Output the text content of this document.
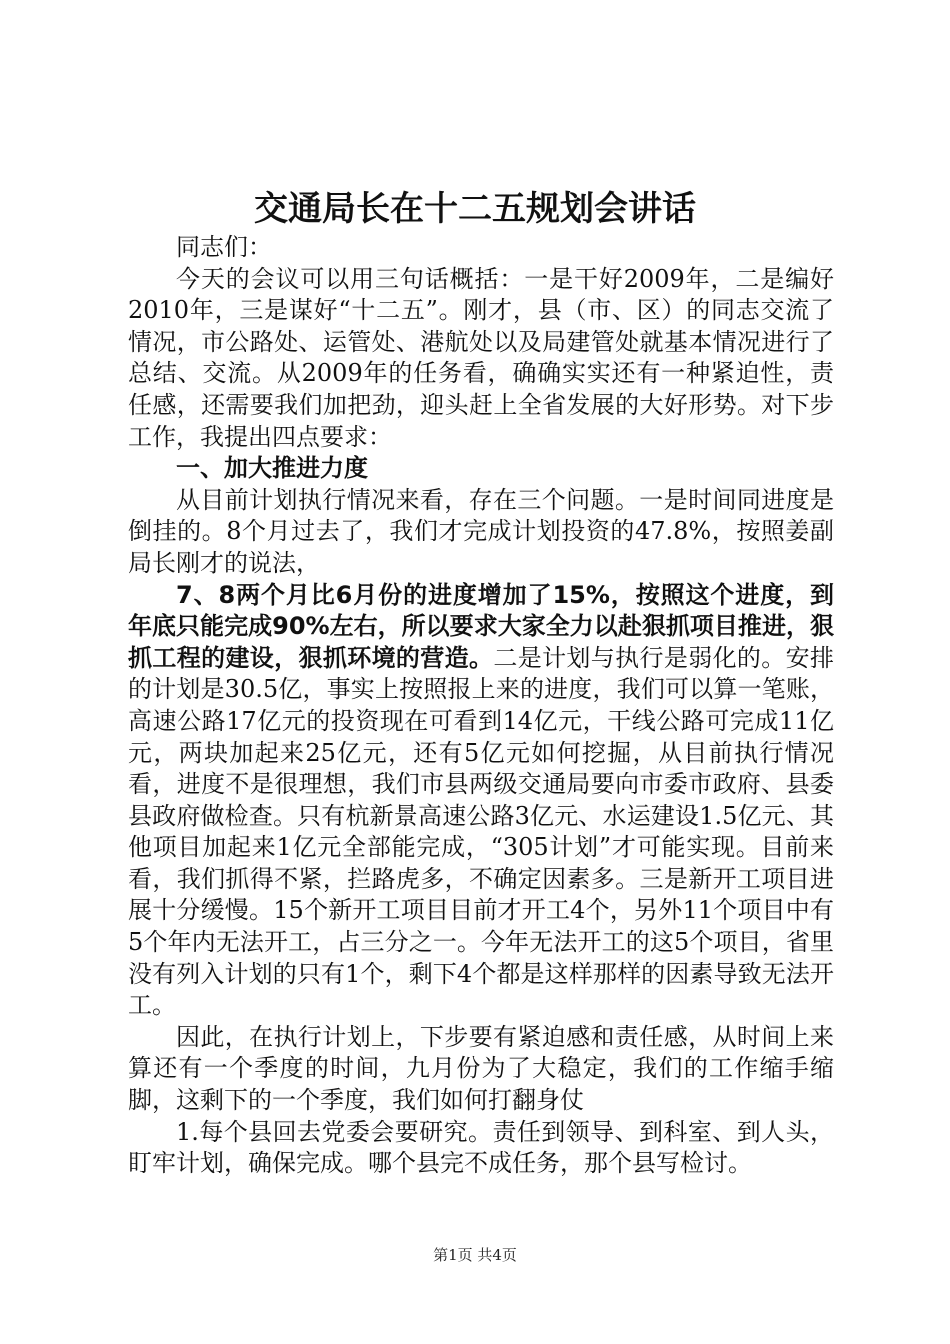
交通局长在十二五规划会讲话

同志们：

今天的会议可以用三句话概括：一是干好2009年，二是编好2010年，三是谋好“十二五”。刚才，县（市、区）的同志交流了情况，市公路处、运管处、港航处以及局建管处就基本情况进行了总结、交流。从2009年的任务看，确确实实还有一种紧迫性，责任感，还需要我们加把劲，迎头赶上全省发展的大好形势。对下步工作，我提出四点要求：

一、加大推进力度

从目前计划执行情况来看，存在三个问题。一是时间同进度是倒挂的。8个月过去了，我们才完成计划投资的47.8%，按照姜副局长刚才的说法，

7、8两个月比6月份的进度增加了15%，按照这个进度，到年底只能完成90%左右，所以要求大家全力以赴狠抓项目推进，狠抓工程的建设，狠抓环境的营造。二是计划与执行是弱化的。安排的计划是30.5亿，事实上按照报上来的进度，我们可以算一笔账，高速公路17亿元的投资现在可看到14亿元，干线公路可完成11亿元，两块加起来25亿元，还有5亿元如何挖掘，从目前执行情况看，进度不是很理想，我们市县两级交通局要向市委市政府、县委县政府做检查。只有杭新景高速公路3亿元、水运建设1.5亿元、其他项目加起来1亿元全部能完成，“305计划”才可能实现。目前来看，我们抓得不紧，拦路虎多，不确定因素多。三是新开工项目进展十分缓慢。15个新开工项目目前才开工4个，另外11个项目中有5个年内无法开工，占三分之一。今年无法开工的这5个项目，省里没有列入计划的只有1个，剩下4个都是这样那样的因素导致无法开工。

因此，在执行计划上，下步要有紧迫感和责任感，从时间上来算还有一个季度的时间，九月份为了大稳定，我们的工作缩手缩脚，这剩下的一个季度，我们如何打翻身仗

1.每个县回去党委会要研究。责任到领导、到科室、到人头，盯牢计划，确保完成。哪个县完不成任务，那个县写检讨。

第1页 共4页
